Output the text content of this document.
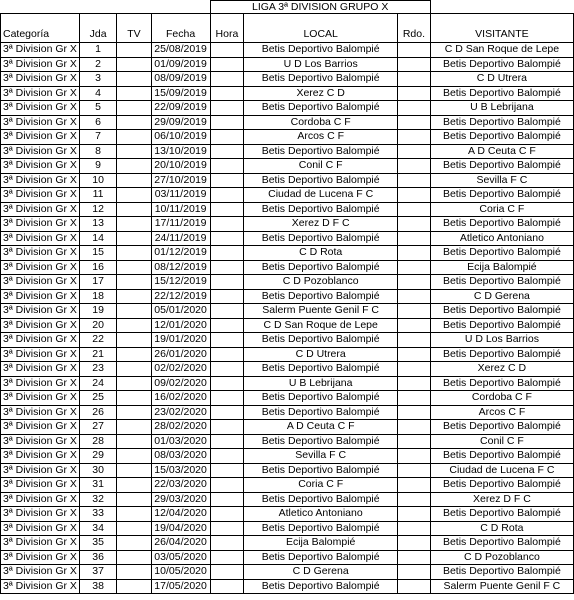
				LIGA 3ª DIVISION GRUPO X			
Categoría	Jda	TV	Fecha	Hora	LOCAL	Rdo.	VISITANTE
3ª Division Gr X	1		25/08/2019		Betis Deportivo Balompié		C D San Roque de Lepe
3ª Division Gr X	2		01/09/2019		U D Los Barrios		Betis Deportivo Balompié
3ª Division Gr X	3		08/09/2019		Betis Deportivo Balompié		C D Utrera
3ª Division Gr X	4		15/09/2019		Xerez C D		Betis Deportivo Balompié
3ª Division Gr X	5		22/09/2019		Betis Deportivo Balompié		U B Lebrijana
3ª Division Gr X	6		29/09/2019		Cordoba C F		Betis Deportivo Balompié
3ª Division Gr X	7		06/10/2019		Arcos C F		Betis Deportivo Balompié
3ª Division Gr X	8		13/10/2019		Betis Deportivo Balompié		A D Ceuta C F
3ª Division Gr X	9		20/10/2019		Conil C F		Betis Deportivo Balompié
3ª Division Gr X	10		27/10/2019		Betis Deportivo Balompié		Sevilla F C
3ª Division Gr X	11		03/11/2019		Ciudad de Lucena F C		Betis Deportivo Balompié
3ª Division Gr X	12		10/11/2019		Betis Deportivo Balompié		Coria C F
3ª Division Gr X	13		17/11/2019		Xerez D F C		Betis Deportivo Balompié
3ª Division Gr X	14		24/11/2019		Betis Deportivo Balompié		Atletico Antoniano
3ª Division Gr X	15		01/12/2019		C D Rota		Betis Deportivo Balompié
3ª Division Gr X	16		08/12/2019		Betis Deportivo Balompié		Ecija Balompié
3ª Division Gr X	17		15/12/2019		C D Pozoblanco		Betis Deportivo Balompié
3ª Division Gr X	18		22/12/2019		Betis Deportivo Balompié		C D Gerena
3ª Division Gr X	19		05/01/2020		Salerm Puente Genil F C		Betis Deportivo Balompié
3ª Division Gr X	20		12/01/2020		C D San Roque de Lepe		Betis Deportivo Balompié
3ª Division Gr X	22		19/01/2020		Betis Deportivo Balompié		U D Los Barrios
3ª Division Gr X	21		26/01/2020		C D Utrera		Betis Deportivo Balompié
3ª Division Gr X	23		02/02/2020		Betis Deportivo Balompié		Xerez C D
3ª Division Gr X	24		09/02/2020		U B Lebrijana		Betis Deportivo Balompié
3ª Division Gr X	25		16/02/2020		Betis Deportivo Balompié		Cordoba C F
3ª Division Gr X	26		23/02/2020		Betis Deportivo Balompié		Arcos C F
3ª Division Gr X	27		28/02/2020		A D Ceuta C F		Betis Deportivo Balompié
3ª Division Gr X	28		01/03/2020		Betis Deportivo Balompié		Conil C F
3ª Division Gr X	29		08/03/2020		Sevilla F C		Betis Deportivo Balompié
3ª Division Gr X	30		15/03/2020		Betis Deportivo Balompié		Ciudad de Lucena F C
3ª Division Gr X	31		22/03/2020		Coria C F		Betis Deportivo Balompié
3ª Division Gr X	32		29/03/2020		Betis Deportivo Balompié		Xerez D F C
3ª Division Gr X	33		12/04/2020		Atletico Antoniano		Betis Deportivo Balompié
3ª Division Gr X	34		19/04/2020		Betis Deportivo Balompié		C D Rota
3ª Division Gr X	35		26/04/2020		Ecija Balompié		Betis Deportivo Balompié
3ª Division Gr X	36		03/05/2020		Betis Deportivo Balompié		C D Pozoblanco
3ª Division Gr X	37		10/05/2020		C D Gerena		Betis Deportivo Balompié
3ª Division Gr X	38		17/05/2020		Betis Deportivo Balompié		Salerm Puente Genil F C
